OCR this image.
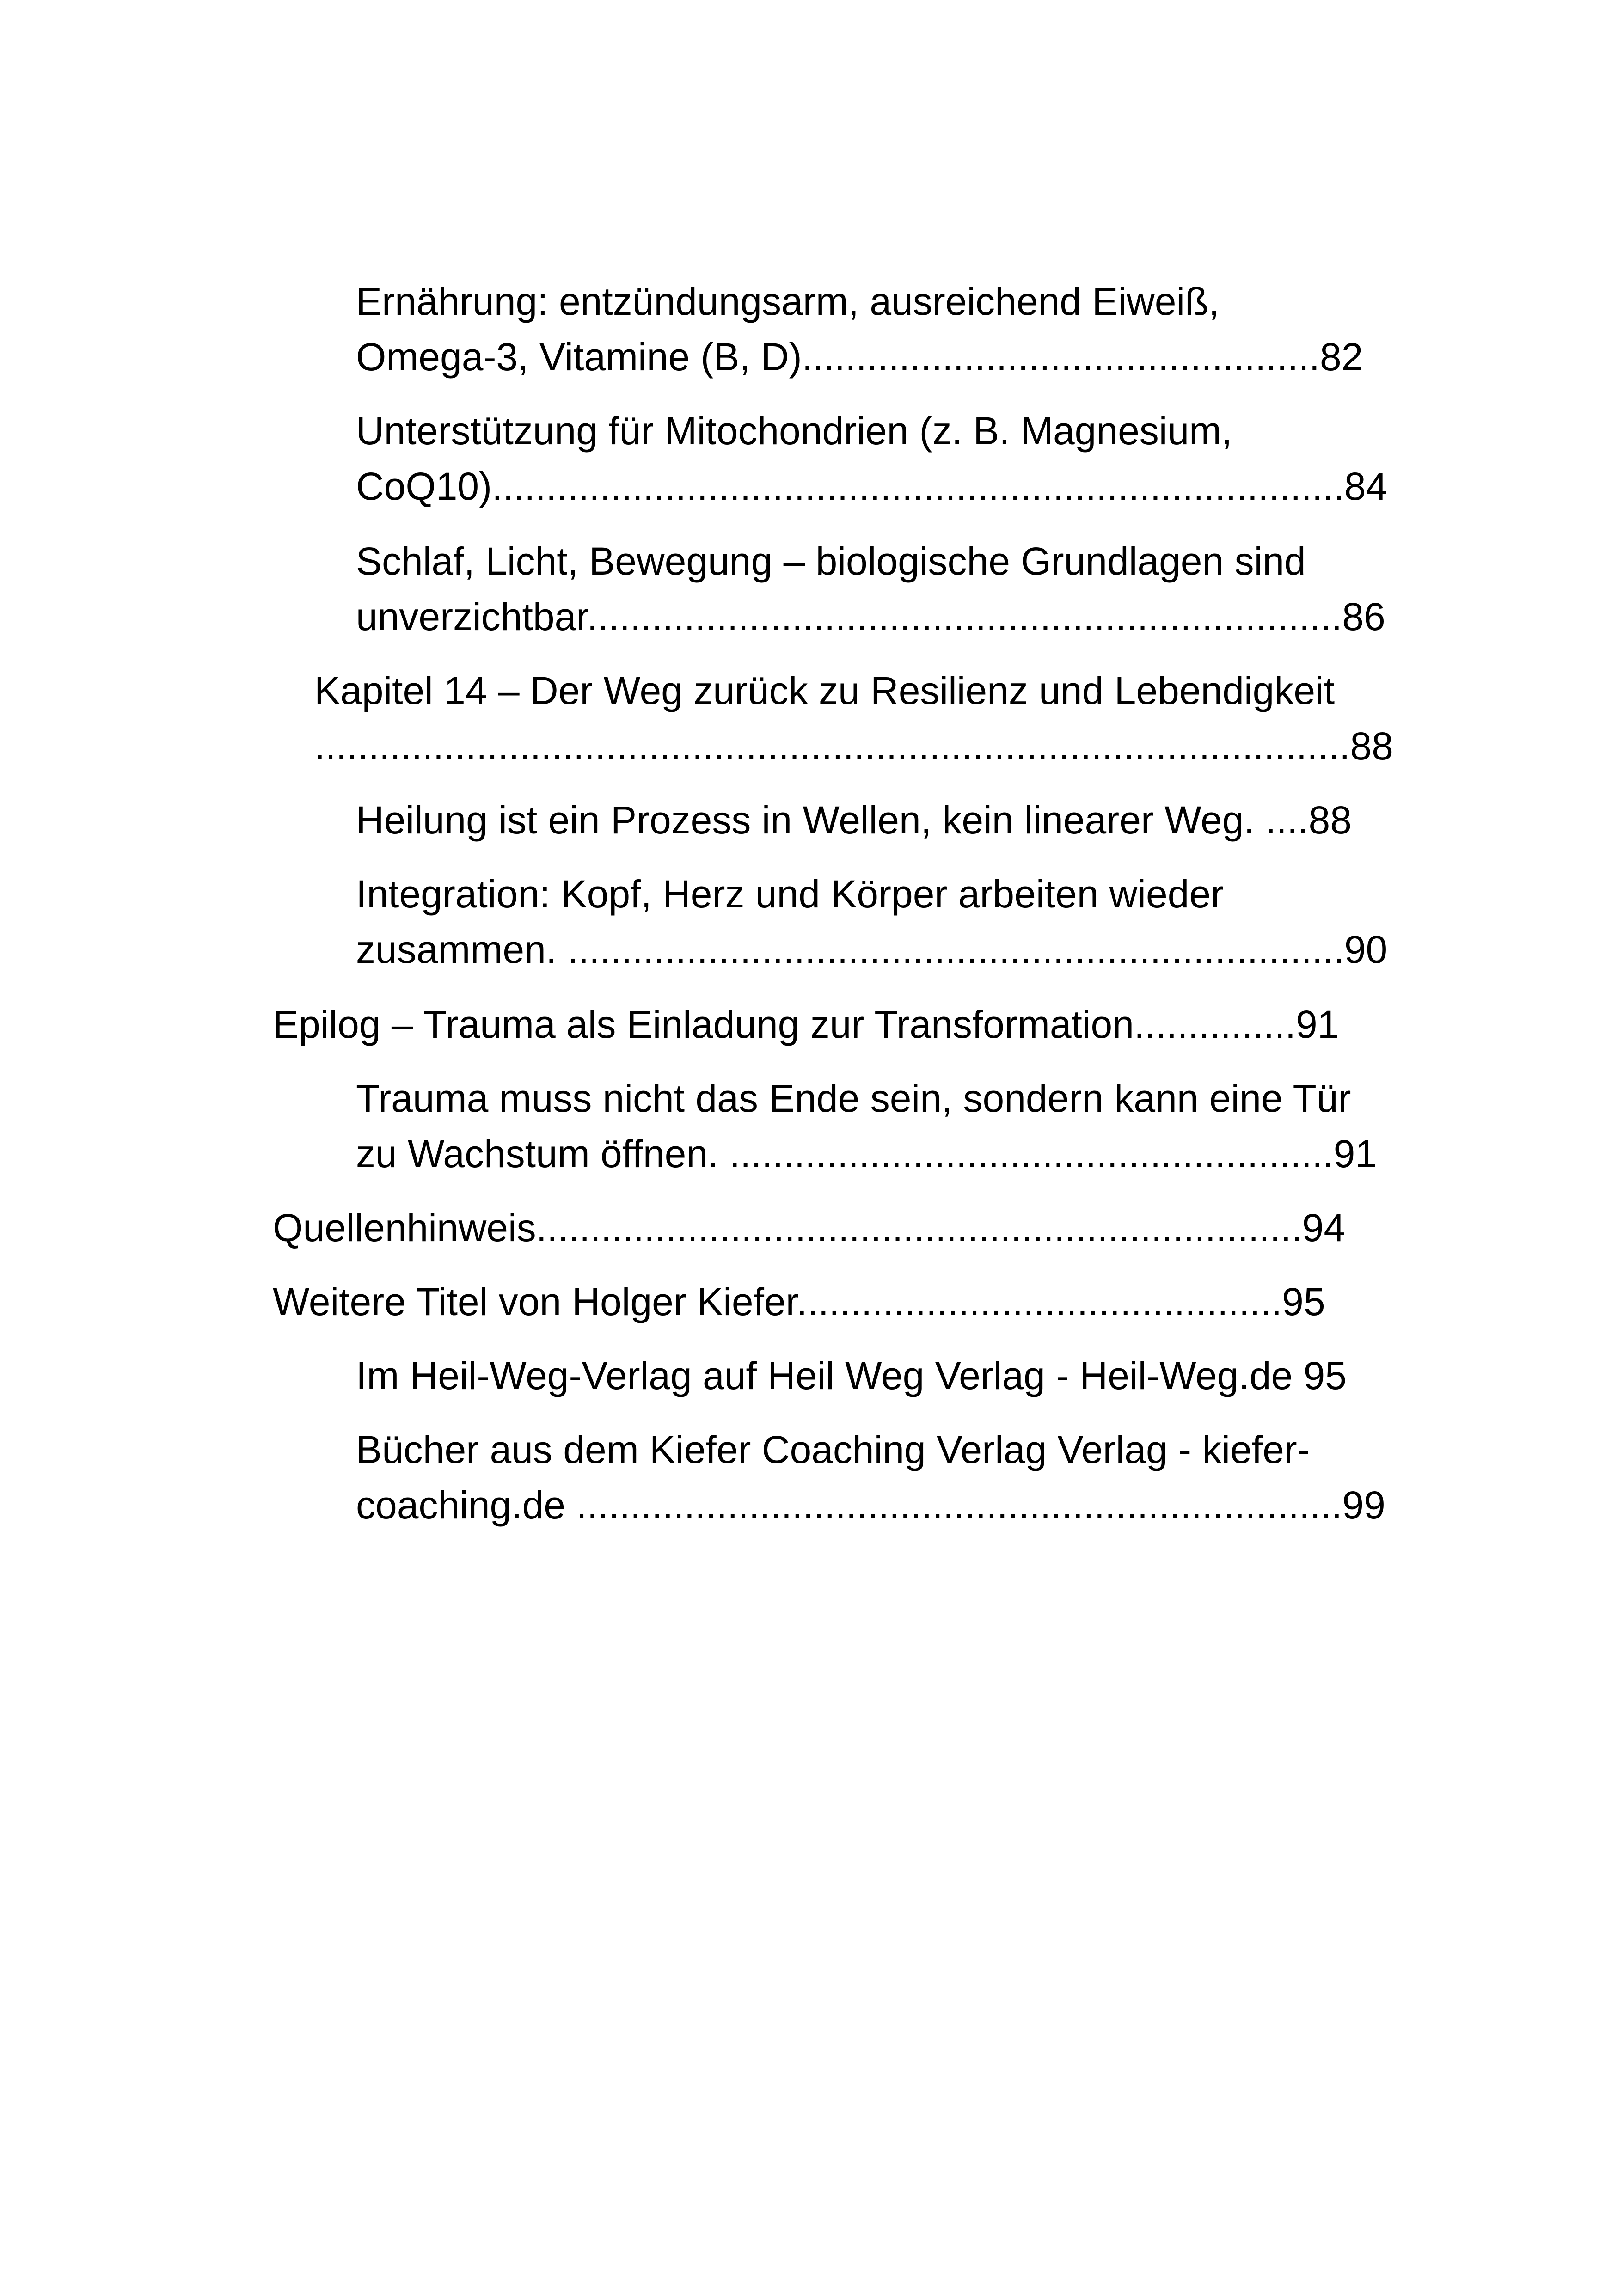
Ernährung: entzündungsarm, ausreichend Eiweiß,
Omega-3, Vitamine (B, D)................................................82
Unterstützung für Mitochondrien (z. B. Magnesium,
CoQ10)...............................................................................84
Schlaf, Licht, Bewegung – biologische Grundlagen sind
unverzichtbar......................................................................86
Kapitel 14 – Der Weg zurück zu Resilienz und Lebendigkeit
................................................................................................88
Heilung ist ein Prozess in Wellen, kein linearer Weg. ....88
Integration: Kopf, Herz und Körper arbeiten wieder
zusammen. ........................................................................90
Epilog – Trauma als Einladung zur Transformation...............91
Trauma muss nicht das Ende sein, sondern kann eine Tür
zu Wachstum öffnen. ........................................................91
Quellenhinweis.......................................................................94
Weitere Titel von Holger Kiefer.............................................95
Im Heil-Weg-Verlag auf Heil Weg Verlag - Heil-Weg.de 95
Bücher aus dem Kiefer Coaching Verlag Verlag - kiefer-
coaching.de .......................................................................99
